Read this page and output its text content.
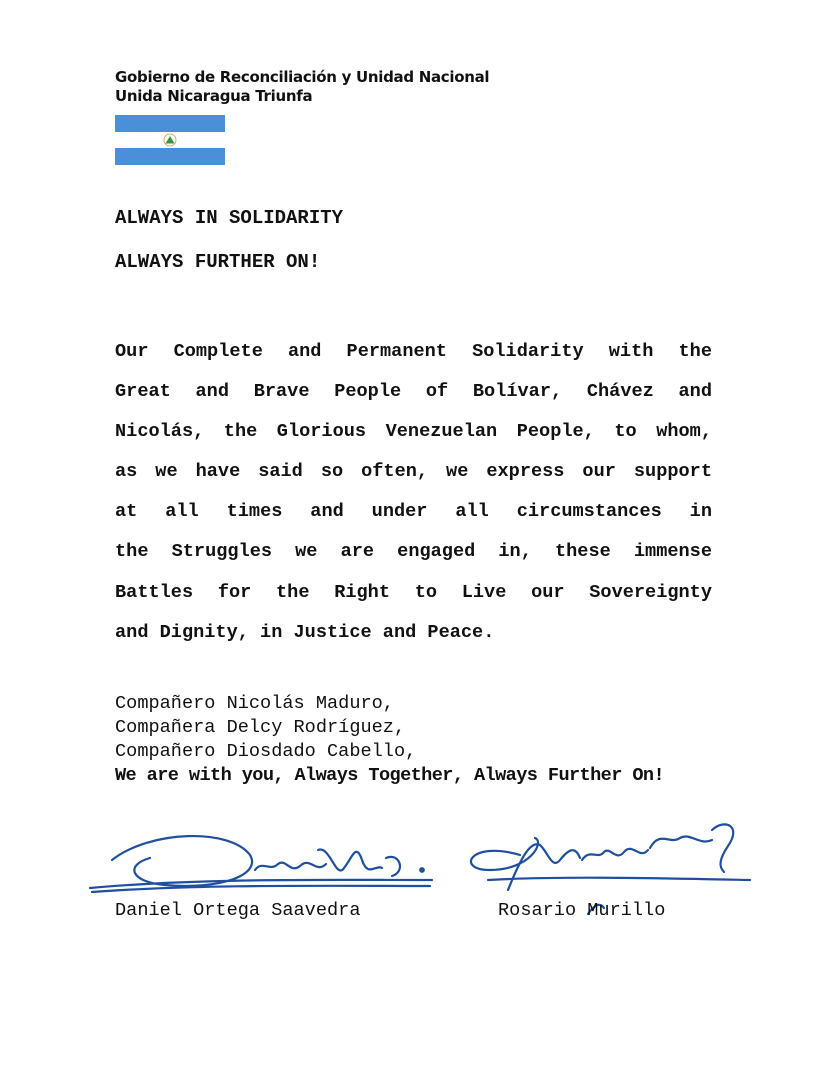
Gobierno de Reconciliación y Unidad Nacional
Unida Nicaragua Triunfa
ALWAYS IN SOLIDARITY
ALWAYS FURTHER ON!
Our Complete and Permanent Solidarity with the
Great and Brave People of Bolívar, Chávez and
Nicolás, the Glorious Venezuelan People, to whom,
as we have said so often, we express our support
at all times and under all circumstances in
the Struggles we are engaged in, these immense
Battles for the Right to Live our Sovereignty
and Dignity, in Justice and Peace.
Compañero Nicolás Maduro,
Compañera Delcy Rodríguez,
Compañero Diosdado Cabello,
We are with you, Always Together, Always Further On!
Daniel Ortega Saavedra	Rosario Murillo
